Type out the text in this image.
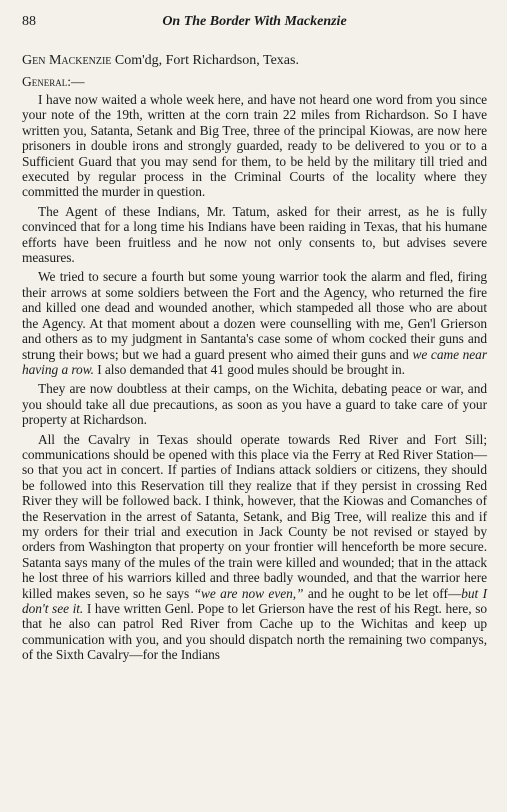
88	On The Border With Mackenzie

Gen Mackenzie Com'dg, Fort Richardson, Texas.

General:—

I have now waited a whole week here, and have not heard one word from you since your note of the 19th, written at the corn train 22 miles from Richardson. So I have written you, Satanta, Setank and Big Tree, three of the principal Kiowas, are now here prisoners in double irons and strongly guarded, ready to be delivered to you or to a Sufficient Guard that you may send for them, to be held by the military till tried and executed by regular process in the Criminal Courts of the locality where they committed the murder in question.

The Agent of these Indians, Mr. Tatum, asked for their arrest, as he is fully convinced that for a long time his Indians have been raiding in Texas, that his humane efforts have been fruitless and he now not only consents to, but advises severe measures.

We tried to secure a fourth but some young warrior took the alarm and fled, firing their arrows at some soldiers between the Fort and the Agency, who returned the fire and killed one dead and wounded another, which stampeded all those who are about the Agency. At that moment about a dozen were counselling with me, Gen'l Grierson and others as to my judgment in Santanta's case some of whom cocked their guns and strung their bows; but we had a guard present who aimed their guns and we came near having a row. I also demanded that 41 good mules should be brought in.

They are now doubtless at their camps, on the Wichita, debating peace or war, and you should take all due precautions, as soon as you have a guard to take care of your property at Richardson.

All the Cavalry in Texas should operate towards Red River and Fort Sill; communications should be opened with this place via the Ferry at Red River Station—so that you act in concert. If parties of Indians attack soldiers or citizens, they should be followed into this Reservation till they realize that if they persist in crossing Red River they will be followed back. I think, however, that the Kiowas and Comanches of the Reservation in the arrest of Satanta, Setank, and Big Tree, will realize this and if my orders for their trial and execution in Jack County be not revised or stayed by orders from Washington that property on your frontier will henceforth be more secure. Satanta says many of the mules of the train were killed and wounded; that in the attack he lost three of his warriors killed and three badly wounded, and that the warrior here killed makes seven, so he says “we are now even,” and he ought to be let off—but I don't see it. I have written Genl. Pope to let Grierson have the rest of his Regt. here, so that he also can patrol Red River from Cache up to the Wichitas and keep up communication with you, and you should dispatch north the remaining two companys, of the Sixth Cavalry—for the Indians
